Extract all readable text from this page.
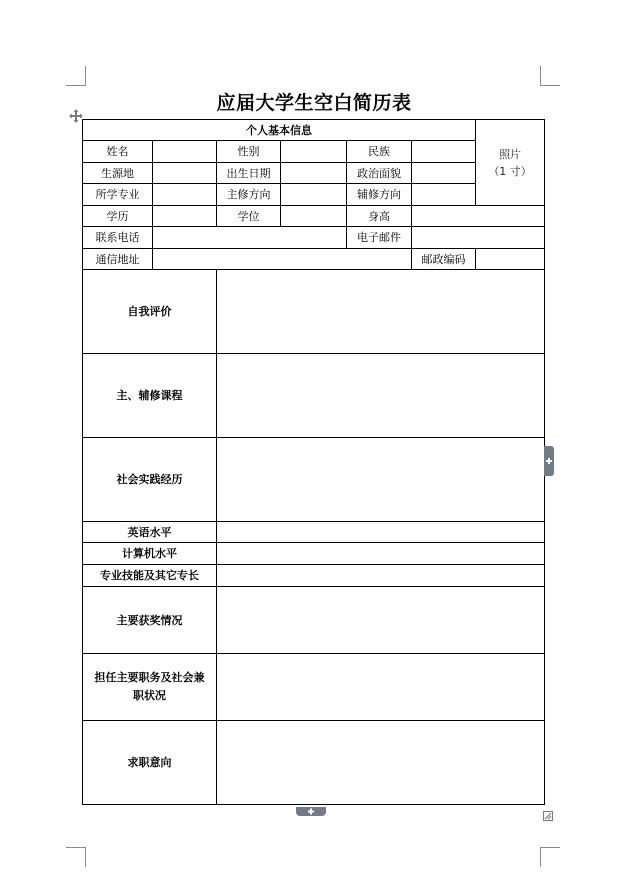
应届大学生空白简历表
个人基本信息						照片
（1 寸）

姓名		性别		民族		
生源地		出生日期		政治面貌		
所学专业		主修方向		辅修方向		
学历		学位		身高		
联系电话				电子邮件		
通信地址					邮政编码	
自我评价						
主、辅修课程						
社会实践经历						
英语水平						
计算机水平						
专业技能及其它专长						
主要获奖情况						
担任主要职务及社会兼职状况						
求职意向						
